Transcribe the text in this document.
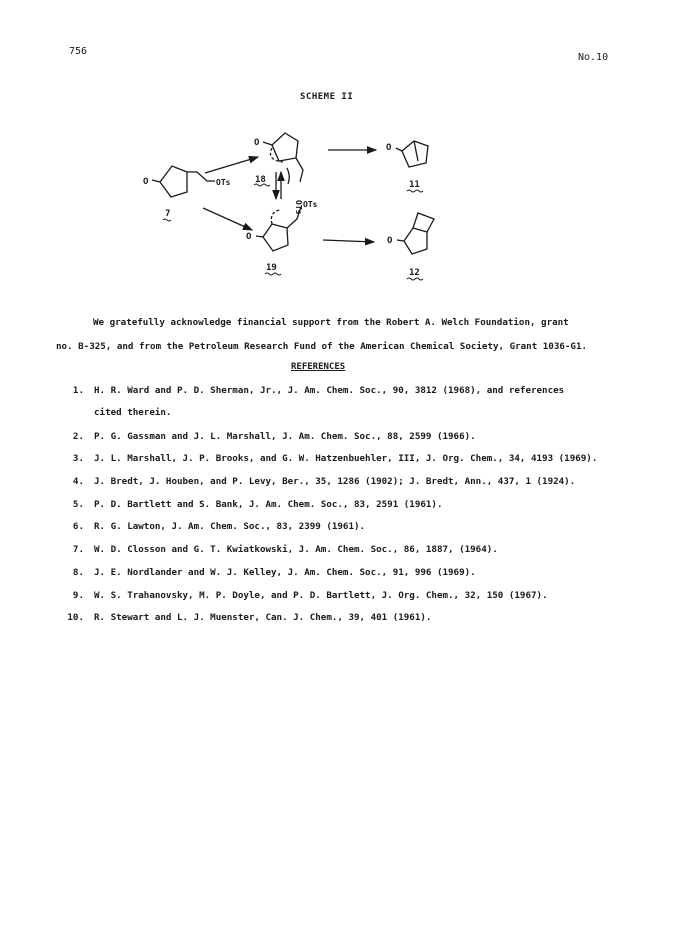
756
No.10
SCHEME II
O	OTs
7
O
18
OTs
O
OTs
19
O
11
O
12
We gratefully acknowledge financial support from the Robert A. Welch Foundation, grant
no. B-325, and from the Petroleum Research Fund of the American Chemical Society, Grant 1036-G1.
REFERENCES
1. H. R. Ward and P. D. Sherman, Jr., J. Am. Chem. Soc., 90, 3812 (1968), and references
cited therein.
2. P. G. Gassman and J. L. Marshall, J. Am. Chem. Soc., 88, 2599 (1966).
3. J. L. Marshall, J. P. Brooks, and G. W. Hatzenbuehler, III, J. Org. Chem., 34, 4193 (1969).
4. J. Bredt, J. Houben, and P. Levy, Ber., 35, 1286 (1902); J. Bredt, Ann., 437, 1 (1924).
5. P. D. Bartlett and S. Bank, J. Am. Chem. Soc., 83, 2591 (1961).
6. R. G. Lawton, J. Am. Chem. Soc., 83, 2399 (1961).
7. W. D. Closson and G. T. Kwiatkowski, J. Am. Chem. Soc., 86, 1887, (1964).
8. J. E. Nordlander and W. J. Kelley, J. Am. Chem. Soc., 91, 996 (1969).
9. W. S. Trahanovsky, M. P. Doyle, and P. D. Bartlett, J. Org. Chem., 32, 150 (1967).
10. R. Stewart and L. J. Muenster, Can. J. Chem., 39, 401 (1961).
